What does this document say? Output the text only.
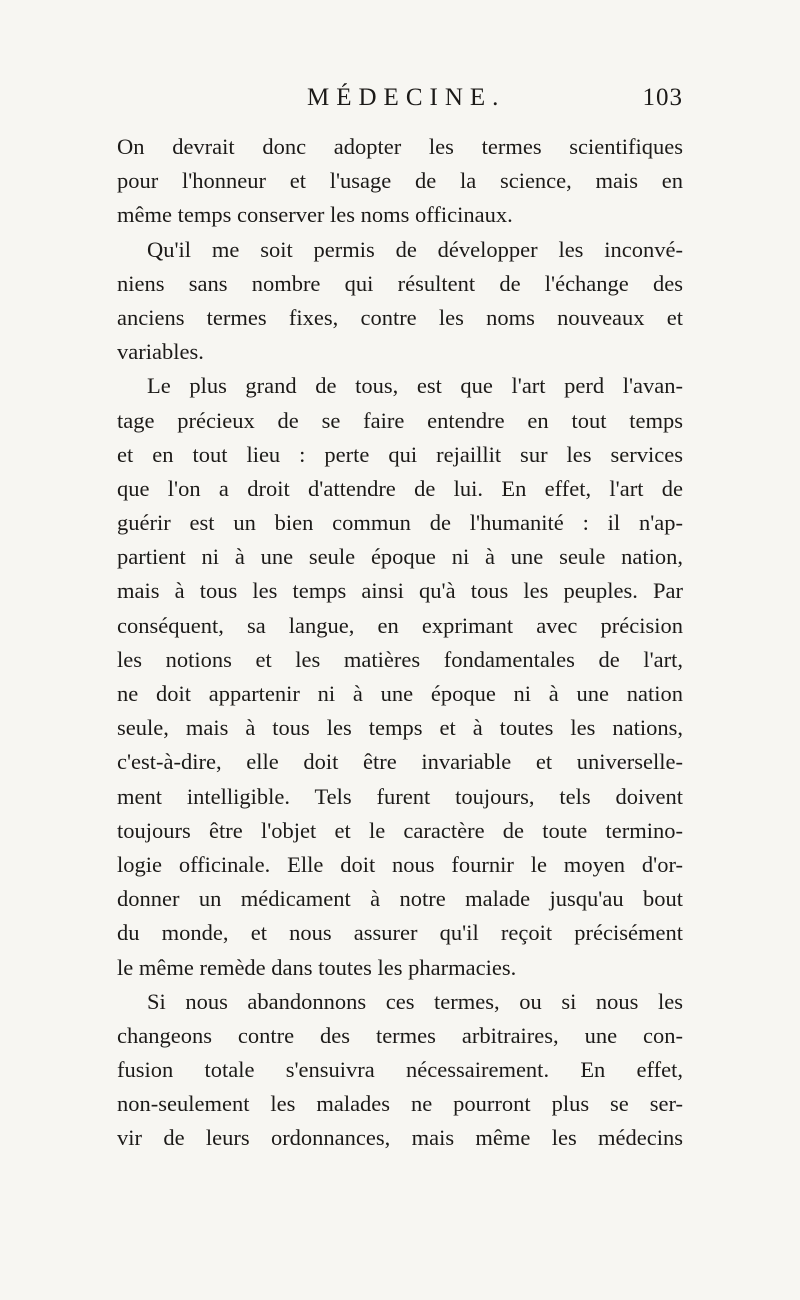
MÉDECINE.	103
On devrait donc adopter les termes scientifiques
pour l'honneur et l'usage de la science, mais en
même temps conserver les noms officinaux.
Qu'il me soit permis de développer les inconvé-
niens sans nombre qui résultent de l'échange des
anciens termes fixes, contre les noms nouveaux et
variables.
Le plus grand de tous, est que l'art perd l'avan-
tage précieux de se faire entendre en tout temps
et en tout lieu : perte qui rejaillit sur les services
que l'on a droit d'attendre de lui. En effet, l'art de
guérir est un bien commun de l'humanité : il n'ap-
partient ni à une seule époque ni à une seule nation,
mais à tous les temps ainsi qu'à tous les peuples. Par
conséquent, sa langue, en exprimant avec précision
les notions et les matières fondamentales de l'art,
ne doit appartenir ni à une époque ni à une nation
seule, mais à tous les temps et à toutes les nations,
c'est-à-dire, elle doit être invariable et universelle-
ment intelligible. Tels furent toujours, tels doivent
toujours être l'objet et le caractère de toute termino-
logie officinale. Elle doit nous fournir le moyen d'or-
donner un médicament à notre malade jusqu'au bout
du monde, et nous assurer qu'il reçoit précisément
le même remède dans toutes les pharmacies.
Si nous abandonnons ces termes, ou si nous les
changeons contre des termes arbitraires, une con-
fusion totale s'ensuivra nécessairement. En effet,
non-seulement les malades ne pourront plus se ser-
vir de leurs ordonnances, mais même les médecins
